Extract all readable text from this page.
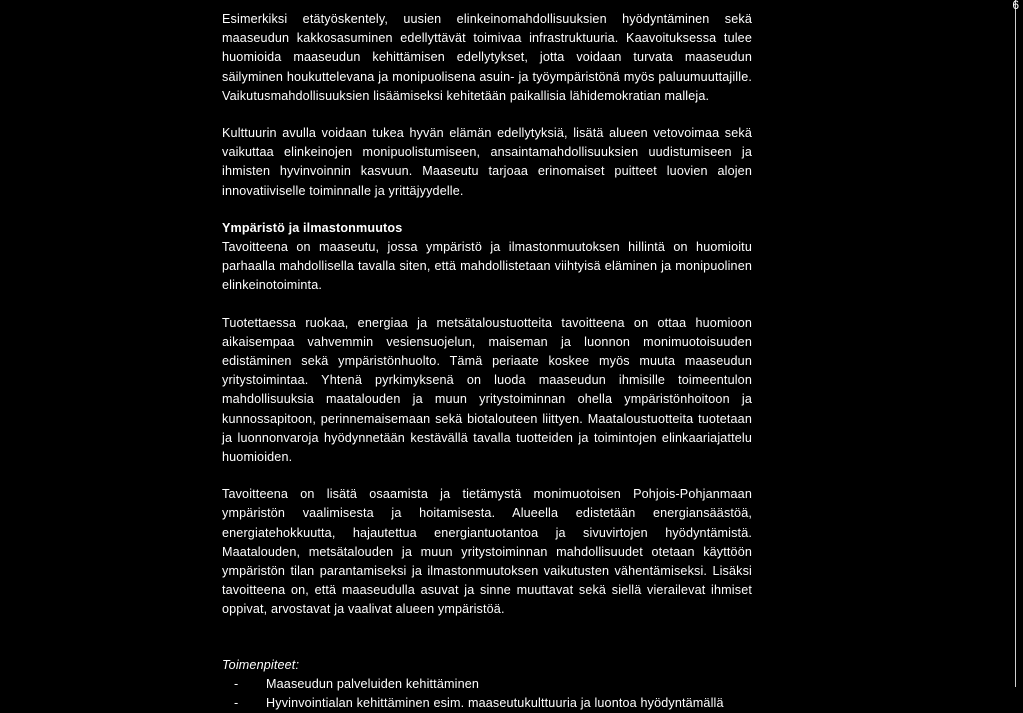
6

Esimerkiksi etätyöskentely, uusien elinkeinomahdollisuuksien hyödyntäminen sekä maaseudun kakkosasuminen edellyttävät toimivaa infrastruktuuria. Kaavoituksessa tulee huomioida maaseudun kehittämisen edellytykset, jotta voidaan turvata maaseudun säilyminen houkuttelevana ja monipuolisena asuin- ja työympäristönä myös paluumuuttajille. Vaikutusmahdollisuuksien lisäämiseksi kehitetään paikallisia lähidemokratian malleja.

Kulttuurin avulla voidaan tukea hyvän elämän edellytyksiä, lisätä alueen vetovoimaa sekä vaikuttaa elinkeinojen monipuolistumiseen, ansaintamahdollisuuksien uudistumiseen ja ihmisten hyvinvoinnin kasvuun. Maaseutu tarjoaa erinomaiset puitteet luovien alojen innovatiiviselle toiminnalle ja yrittäjyydelle.

Ympäristö ja ilmastonmuutos

Tavoitteena on maaseutu, jossa ympäristö ja ilmastonmuutoksen hillintä on huomioitu parhaalla mahdollisella tavalla siten, että mahdollistetaan viihtyisä eläminen ja monipuolinen elinkeinotoiminta.

Tuotettaessa ruokaa, energiaa ja metsätaloustuotteita tavoitteena on ottaa huomioon aikaisempaa vahvemmin vesiensuojelun, maiseman ja luonnon monimuotoisuuden edistäminen sekä ympäristönhuolto. Tämä periaate koskee myös muuta maaseudun yritystoimintaa. Yhtenä pyrkimyksenä on luoda maaseudun ihmisille toimeentulon mahdollisuuksia maatalouden ja muun yritystoiminnan ohella ympäristönhoitoon ja kunnossapitoon, perinnemaisemaan sekä biotalouteen liittyen. Maataloustuotteita tuotetaan ja luonnonvaroja hyödynnetään kestävällä tavalla tuotteiden ja toimintojen elinkaariajattelu huomioiden.

Tavoitteena on lisätä osaamista ja tietämystä monimuotoisen Pohjois-Pohjanmaan ympäristön vaalimisesta ja hoitamisesta. Alueella edistetään energiansäästöä, energiatehokkuutta, hajautettua energiantuotantoa ja sivuvirtojen hyödyntämistä. Maatalouden, metsätalouden ja muun yritystoiminnan mahdollisuudet otetaan käyttöön ympäristön tilan parantamiseksi ja ilmastonmuutoksen vaikutusten vähentämiseksi. Lisäksi tavoitteena on, että maaseudulla asuvat ja sinne muuttavat sekä siellä vierailevat ihmiset oppivat, arvostavat ja vaalivat alueen ympäristöä.

Toimenpiteet:

- Maaseudun palveluiden kehittäminen
- Hyvinvointialan kehittäminen esim. maaseutukulttuuria ja luontoa hyödyntämällä
